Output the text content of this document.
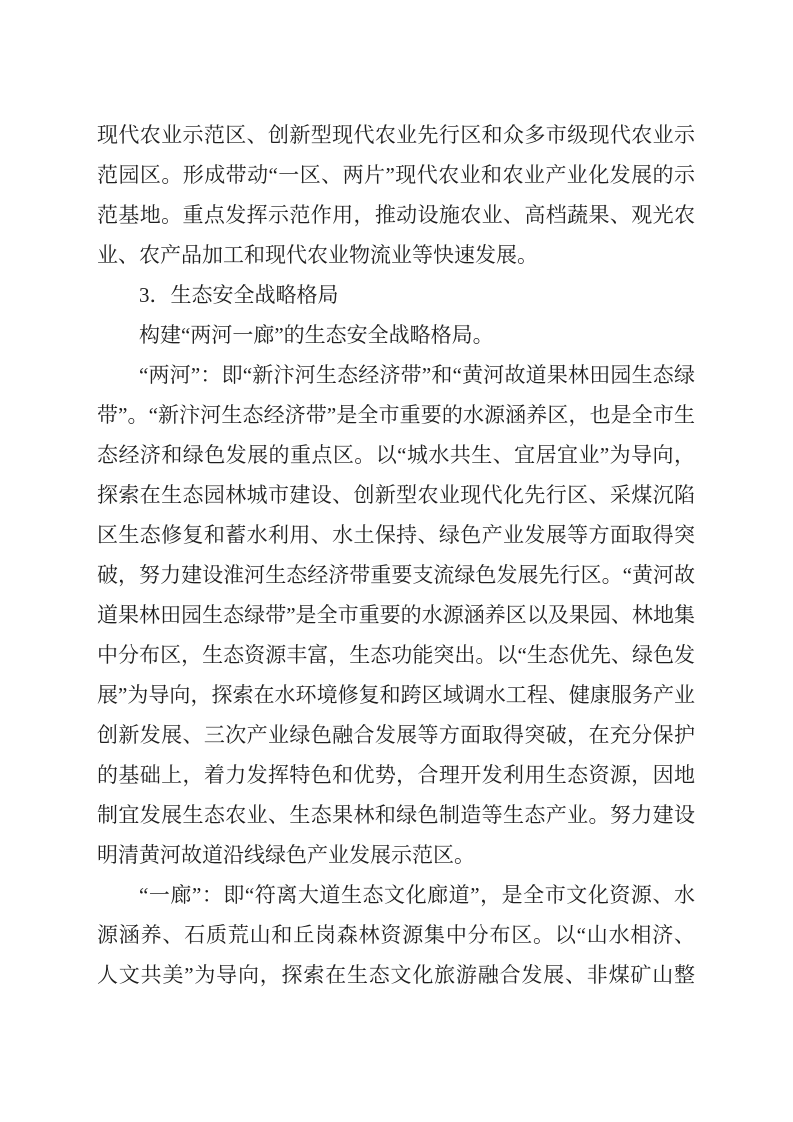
现代农业示范区、创新型现代农业先行区和众多市级现代农业示
范园区。形成带动“一区、两片”现代农业和农业产业化发展的示
范基地。重点发挥示范作用，推动设施农业、高档蔬果、观光农
业、农产品加工和现代农业物流业等快速发展。
3．生态安全战略格局
构建“两河一廊”的生态安全战略格局。
“两河”：即“新汴河生态经济带”和“黄河故道果林田园生态绿
带”。“新汴河生态经济带”是全市重要的水源涵养区，也是全市生
态经济和绿色发展的重点区。以“城水共生、宜居宜业”为导向，
探索在生态园林城市建设、创新型农业现代化先行区、采煤沉陷
区生态修复和蓄水利用、水土保持、绿色产业发展等方面取得突
破，努力建设淮河生态经济带重要支流绿色发展先行区。“黄河故
道果林田园生态绿带”是全市重要的水源涵养区以及果园、林地集
中分布区，生态资源丰富，生态功能突出。以“生态优先、绿色发
展”为导向，探索在水环境修复和跨区域调水工程、健康服务产业
创新发展、三次产业绿色融合发展等方面取得突破，在充分保护
的基础上，着力发挥特色和优势，合理开发利用生态资源，因地
制宜发展生态农业、生态果林和绿色制造等生态产业。努力建设
明清黄河故道沿线绿色产业发展示范区。
“一廊”：即“符离大道生态文化廊道”，是全市文化资源、水
源涵养、石质荒山和丘岗森林资源集中分布区。以“山水相济、
人文共美”为导向，探索在生态文化旅游融合发展、非煤矿山整
